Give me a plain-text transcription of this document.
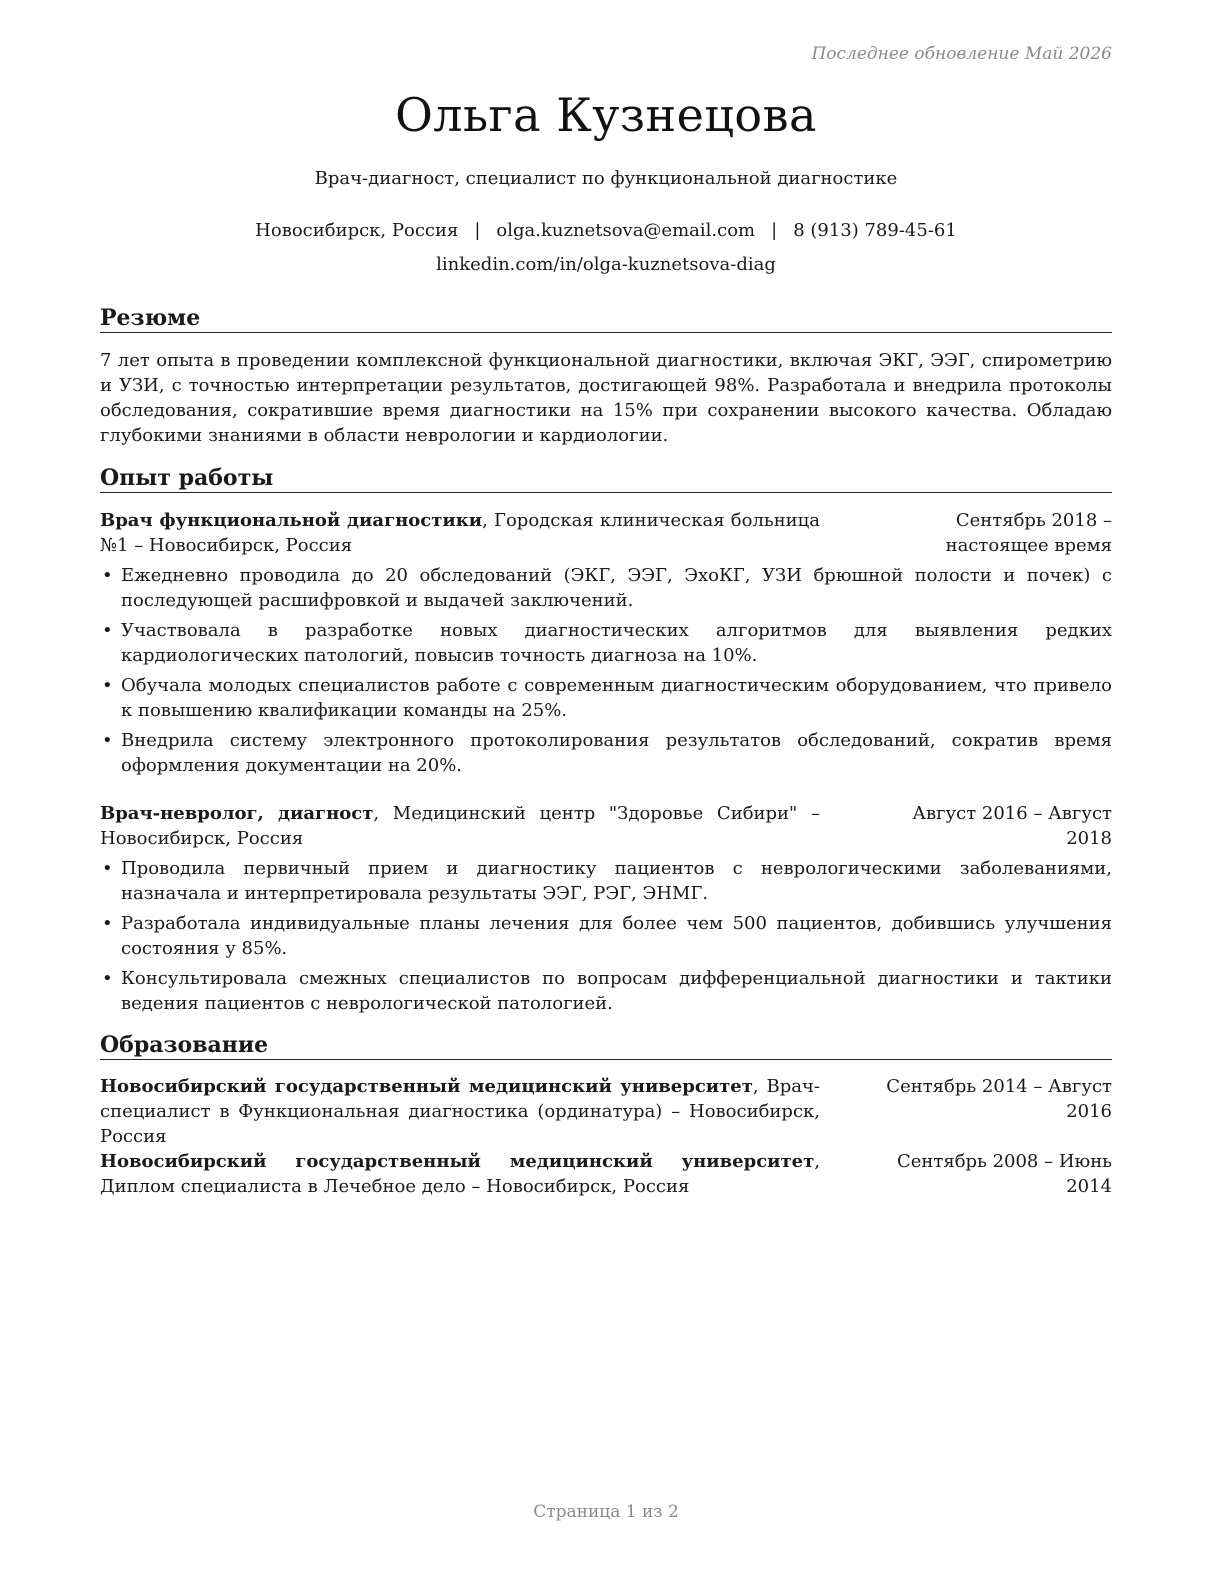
Последнее обновление Май 2026
Ольга Кузнецова
Врач-диагност, специалист по функциональной диагностике
Новосибирск, Россия | olga.kuznetsova@email.com | 8 (913) 789-45-61
linkedin.com/in/olga-kuznetsova-diag
Резюме
7 лет опыта в проведении комплексной функциональной диагностики, включая ЭКГ, ЭЭГ, спирометрию и УЗИ, с точностью интерпретации результатов, достигающей 98%. Разработала и внедрила протоколы обследования, сократившие время диагностики на 15% при сохранении высокого качества. Обладаю глубокими знаниями в области неврологии и кардиологии.
Опыт работы
Врач функциональной диагностики, Городская клиническая больница №1 – Новосибирск, Россия
Сентябрь 2018 – настоящее время
• Ежедневно проводила до 20 обследований (ЭКГ, ЭЭГ, ЭхоКГ, УЗИ брюшной полости и почек) с последующей расшифровкой и выдачей заключений.
• Участвовала в разработке новых диагностических алгоритмов для выявления редких кардиологических патологий, повысив точность диагноза на 10%.
• Обучала молодых специалистов работе с современным диагностическим оборудованием, что привело к повышению квалификации команды на 25%.
• Внедрила систему электронного протоколирования результатов обследований, сократив время оформления документации на 20%.
Врач-невролог, диагност, Медицинский центр "Здоровье Сибири" – Новосибирск, Россия
Август 2016 – Август 2018
• Проводила первичный прием и диагностику пациентов с неврологическими заболеваниями, назначала и интерпретировала результаты ЭЭГ, РЭГ, ЭНМГ.
• Разработала индивидуальные планы лечения для более чем 500 пациентов, добившись улучшения состояния у 85%.
• Консультировала смежных специалистов по вопросам дифференциальной диагностики и тактики ведения пациентов с неврологической патологией.
Образование
Новосибирский государственный медицинский университет, Врач-специалист в Функциональная диагностика (ординатура) – Новосибирск, Россия
Сентябрь 2014 – Август 2016
Новосибирский государственный медицинский университет, Диплом специалиста в Лечебное дело – Новосибирск, Россия
Сентябрь 2008 – Июнь 2014
Страница 1 из 2
